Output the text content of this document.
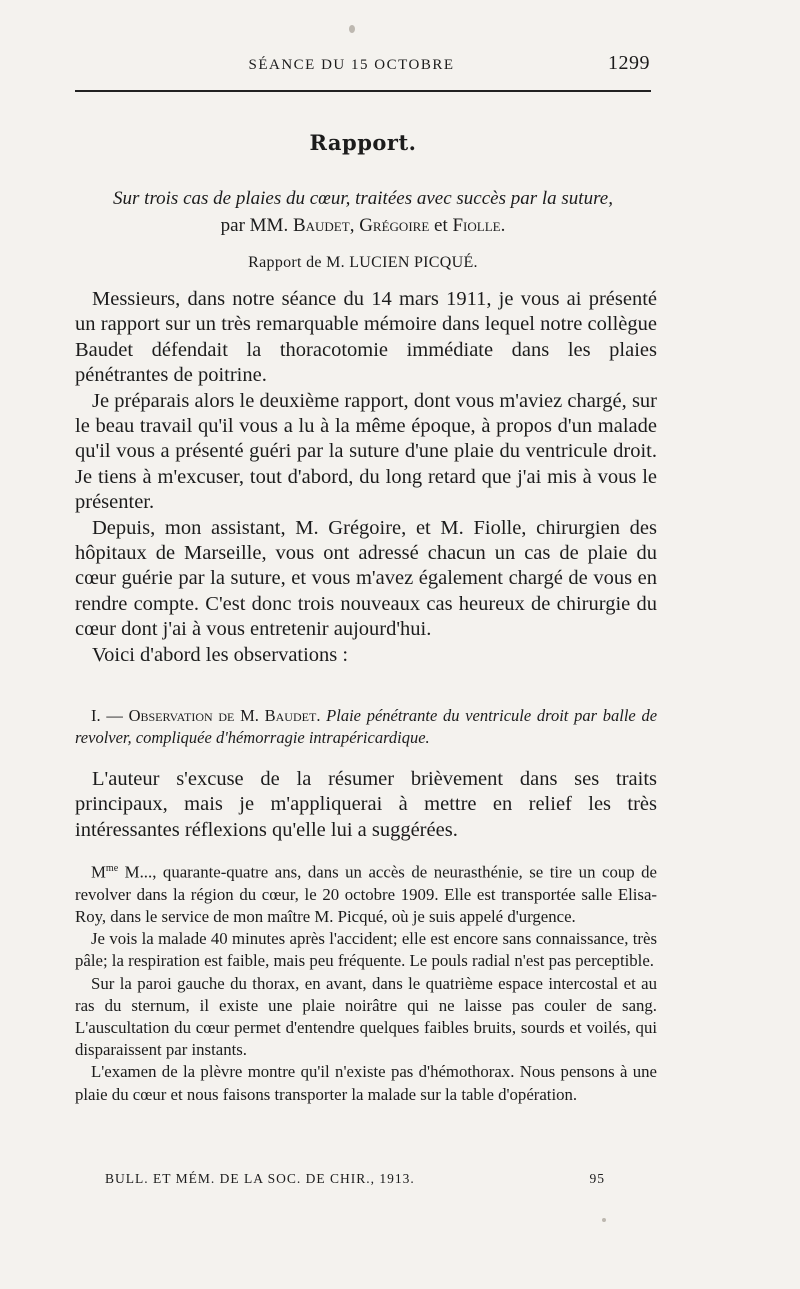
SÉANCE DU 15 OCTOBRE	1299
Rapport.
Sur trois cas de plaies du cœur, traitées avec succès par la suture,
par MM. Baudet, Grégoire et Fiolle.
Rapport de M. LUCIEN PICQUÉ.

Messieurs, dans notre séance du 14 mars 1911, je vous ai présenté un rapport sur un très remarquable mémoire dans lequel notre collègue Baudet défendait la thoracotomie immédiate dans les plaies pénétrantes de poitrine.

Je préparais alors le deuxième rapport, dont vous m'aviez chargé, sur le beau travail qu'il vous a lu à la même époque, à propos d'un malade qu'il vous a présenté guéri par la suture d'une plaie du ventricule droit. Je tiens à m'excuser, tout d'abord, du long retard que j'ai mis à vous le présenter.

Depuis, mon assistant, M. Grégoire, et M. Fiolle, chirurgien des hôpitaux de Marseille, vous ont adressé chacun un cas de plaie du cœur guérie par la suture, et vous m'avez également chargé de vous en rendre compte. C'est donc trois nouveaux cas heureux de chirurgie du cœur dont j'ai à vous entretenir aujourd'hui.

Voici d'abord les observations :

I. — Observation de M. Baudet. Plaie pénétrante du ventricule droit par balle de revolver, compliquée d'hémorragie intrapéricardique.

L'auteur s'excuse de la résumer brièvement dans ses traits principaux, mais je m'appliquerai à mettre en relief les très intéressantes réflexions qu'elle lui a suggérées.

$M^{me}$ M..., quarante-quatre ans, dans un accès de neurasthénie, se tire un coup de revolver dans la région du cœur, le 20 octobre 1909. Elle est transportée salle Elisa-Roy, dans le service de mon maître M. Picqué, où je suis appelé d'urgence.

Je vois la malade 40 minutes après l'accident; elle est encore sans connaissance, très pâle; la respiration est faible, mais peu fréquente. Le pouls radial n'est pas perceptible.

Sur la paroi gauche du thorax, en avant, dans le quatrième espace intercostal et au ras du sternum, il existe une plaie noirâtre qui ne laisse pas couler de sang. L'auscultation du cœur permet d'entendre quelques faibles bruits, sourds et voilés, qui disparaissent par instants.

L'examen de la plèvre montre qu'il n'existe pas d'hémothorax. Nous pensons à une plaie du cœur et nous faisons transporter la malade sur la table d'opération.

BULL. ET MÉM. DE LA SOC. DE CHIR., 1913.	95
